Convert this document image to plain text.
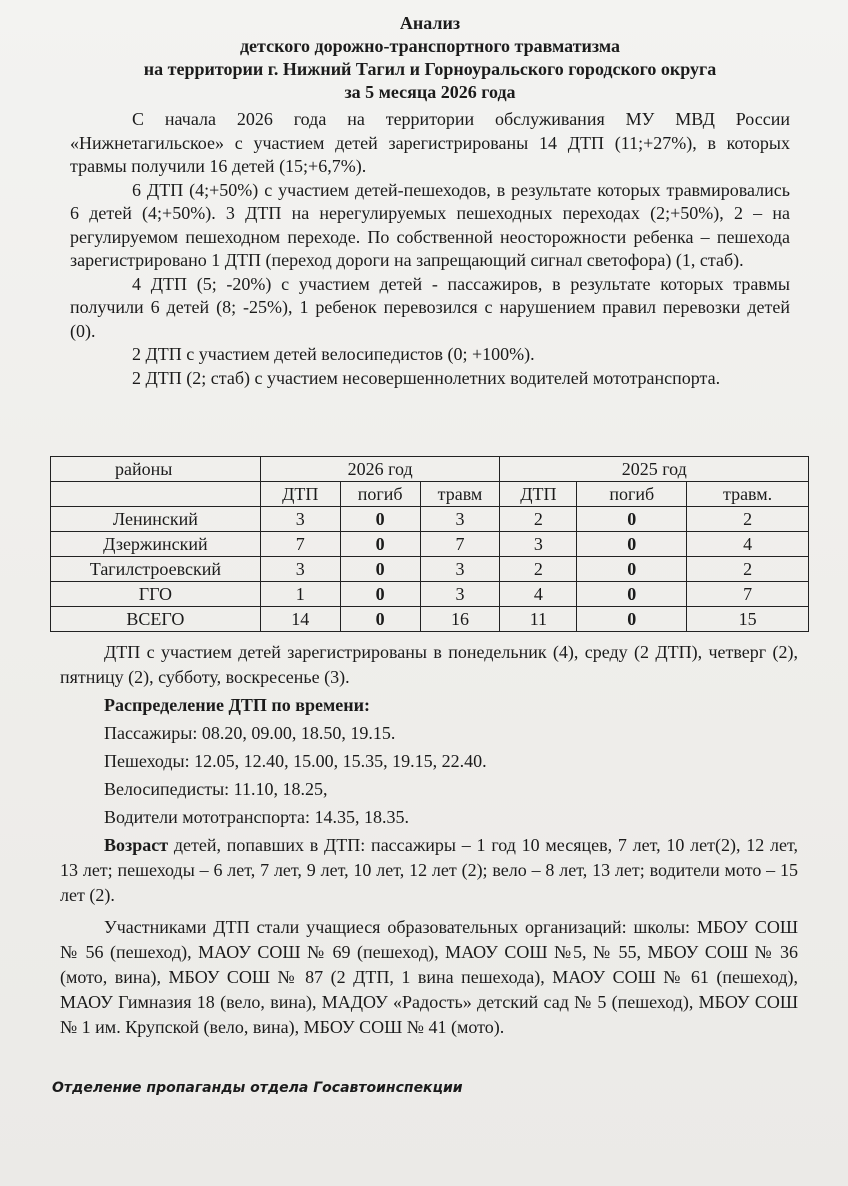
Анализ
детского дорожно-транспортного травматизма
на территории г. Нижний Тагил и Горноуральского городского округа
за 5 месяца 2026 года

С начала 2026 года на территории обслуживания МУ МВД России «Нижнетагильское» с участием детей зарегистрированы 14 ДТП (11;+27%), в которых травмы получили 16 детей (15;+6,7%).

6 ДТП (4;+50%) с участием детей-пешеходов, в результате которых травмировались 6 детей (4;+50%). 3 ДТП на нерегулируемых пешеходных переходах (2;+50%), 2 – на регулируемом пешеходном переходе. По собственной неосторожности ребенка – пешехода зарегистрировано 1 ДТП (переход дороги на запрещающий сигнал светофора) (1, стаб).

4 ДТП (5; -20%) с участием детей - пассажиров, в результате которых травмы получили 6 детей (8; -25%), 1 ребенок перевозился с нарушением правил перевозки детей (0).

2 ДТП с участием детей велосипедистов (0; +100%).

2 ДТП (2; стаб) с участием несовершеннолетних водителей мототранспорта.

районы	2026 год			2025 год		
	ДТП	погиб	травм	ДТП	погиб	травм.
Ленинский	3	0	3	2	0	2
Дзержинский	7	0	7	3	0	4
Тагилстроевский	3	0	3	2	0	2
ГГО	1	0	3	4	0	7
ВСЕГО	14	0	16	11	0	15

ДТП с участием детей зарегистрированы в понедельник (4), среду (2 ДТП), четверг (2), пятницу (2), субботу, воскресенье (3).

Распределение ДТП по времени:

Пассажиры: 08.20, 09.00, 18.50, 19.15.

Пешеходы: 12.05, 12.40, 15.00, 15.35, 19.15, 22.40.

Велосипедисты: 11.10, 18.25,

Водители мототранспорта: 14.35, 18.35.

Возраст детей, попавших в ДТП: пассажиры – 1 год 10 месяцев, 7 лет, 10 лет(2), 12 лет, 13 лет; пешеходы – 6 лет, 7 лет, 9 лет, 10 лет, 12 лет (2); вело – 8 лет, 13 лет; водители мото – 15 лет (2).

Участниками ДТП стали учащиеся образовательных организаций: школы: МБОУ СОШ № 56 (пешеход), МАОУ СОШ № 69 (пешеход), МАОУ СОШ №5, № 55, МБОУ СОШ № 36 (мото, вина), МБОУ СОШ № 87 (2 ДТП, 1 вина пешехода), МАОУ СОШ № 61 (пешеход), МАОУ Гимназия 18 (вело, вина), МАДОУ «Радость» детский сад № 5 (пешеход), МБОУ СОШ № 1 им. Крупской (вело, вина), МБОУ СОШ № 41 (мото).

Отделение пропаганды отдела Госавтоинспекции
